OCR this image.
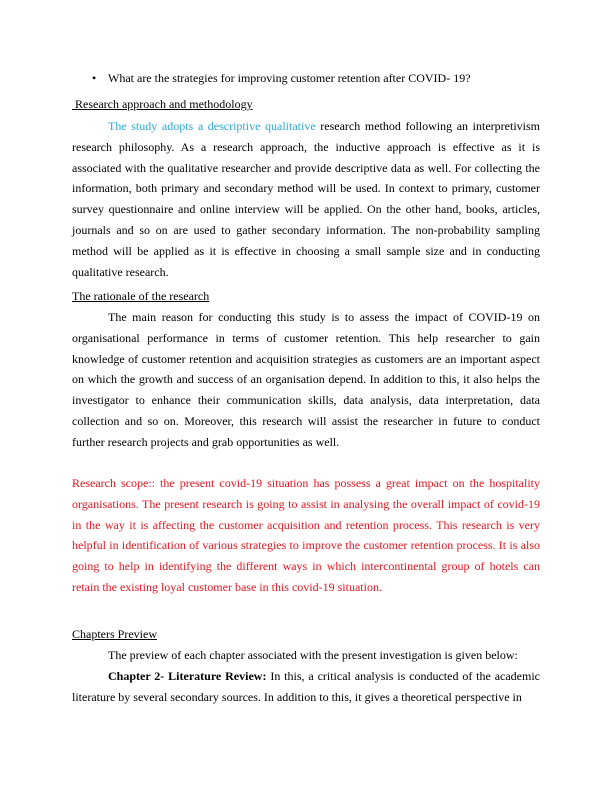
• What are the strategies for improving customer retention after COVID- 19?
Research approach and methodology

The study adopts a descriptive qualitative research method following an interpretivism research philosophy. As a research approach, the inductive approach is effective as it is associated with the qualitative researcher and provide descriptive data as well. For collecting the information, both primary and secondary method will be used. In context to primary, customer survey questionnaire and online interview will be applied. On the other hand, books, articles, journals and so on are used to gather secondary information. The non-probability sampling method will be applied as it is effective in choosing a small sample size and in conducting qualitative research.

The rationale of the research

The main reason for conducting this study is to assess the impact of COVID-19 on organisational performance in terms of customer retention. This help researcher to gain knowledge of customer retention and acquisition strategies as customers are an important aspect on which the growth and success of an organisation depend. In addition to this, it also helps the investigator to enhance their communication skills, data analysis, data interpretation, data collection and so on. Moreover, this research will assist the researcher in future to conduct further research projects and grab opportunities as well.

Research scope:: the present covid-19 situation has possess a great impact on the hospitality organisations. The present research is going to assist in analysing the overall impact of covid-19 in the way it is affecting the customer acquisition and retention process. This research is very helpful in identification of various strategies to improve the customer retention process. It is also going to help in identifying the different ways in which intercontinental group of hotels can retain the existing loyal customer base in this covid-19 situation.

Chapters Preview

The preview of each chapter associated with the present investigation is given below:

Chapter 2- Literature Review: In this, a critical analysis is conducted of the academic literature by several secondary sources. In addition to this, it gives a theoretical perspective in
